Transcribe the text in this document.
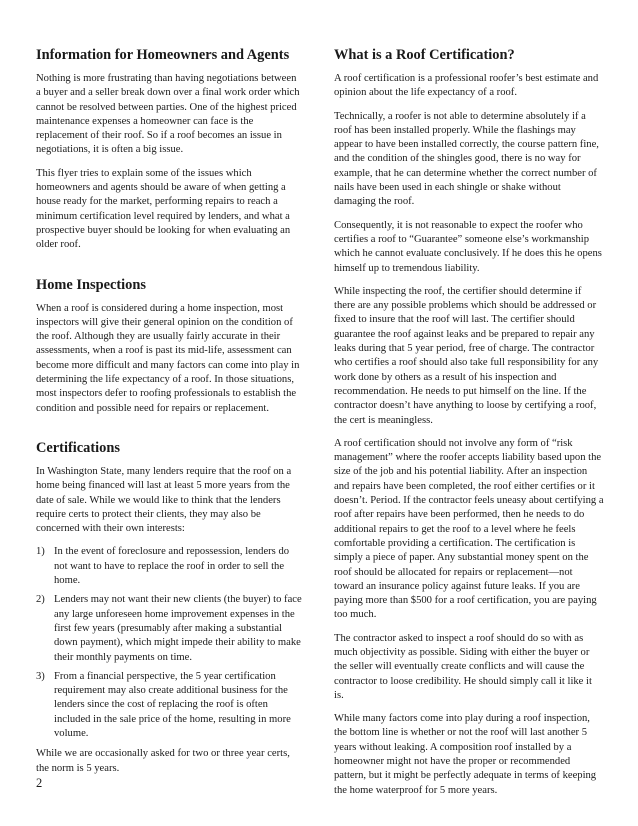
Information for Homeowners and Agents

Nothing is more frustrating than having negotiations between a buyer and a seller break down over a final work order which cannot be resolved between parties. One of the highest priced maintenance expenses a homeowner can face is the replacement of their roof. So if a roof becomes an issue in negotiations, it is often a big issue.

This flyer tries to explain some of the issues which homeowners and agents should be aware of when getting a house ready for the market, performing repairs to reach a minimum certification level required by lenders, and what a prospective buyer should be looking for when evaluating an older roof.

Home Inspections

When a roof is considered during a home inspection, most inspectors will give their general opinion on the condition of the roof. Although they are usually fairly accurate in their assessments, when a roof is past its mid-life, assessment can become more difficult and many factors can come into play in determining the life expectancy of a roof. In those situations, most inspectors defer to roofing professionals to establish the condition and possible need for repairs or replacement.

Certifications

In Washington State, many lenders require that the roof on a home being financed will last at least 5 more years from the date of sale. While we would like to think that the lenders require certs to protect their clients, they may also be concerned with their own interests:

1) In the event of foreclosure and repossession, lenders do not want to have to replace the roof in order to sell the home.
2) Lenders may not want their new clients (the buyer) to face any large unforeseen home improvement expenses in the first few years (presumably after making a substantial down payment), which might impede their ability to make their monthly payments on time.
3) From a financial perspective, the 5 year certification requirement may also create additional business for the lenders since the cost of replacing the roof is often included in the sale price of the home, resulting in more volume.

While we are occasionally asked for two or three year certs, the norm is 5 years.

What is a Roof Certification?

A roof certification is a professional roofer’s best estimate and opinion about the life expectancy of a roof.

Technically, a roofer is not able to determine absolutely if a roof has been installed properly. While the flashings may appear to have been installed correctly, the course pattern fine, and the condition of the shingles good, there is no way for example, that he can determine whether the correct number of nails have been used in each shingle or shake without damaging the roof.

Consequently, it is not reasonable to expect the roofer who certifies a roof to “Guarantee” someone else’s workmanship which he cannot evaluate conclusively. If he does this he opens himself up to tremendous liability.

While inspecting the roof, the certifier should determine if there are any possible problems which should be addressed or fixed to insure that the roof will last. The certifier should guarantee the roof against leaks and be prepared to repair any leaks during that 5 year period, free of charge. The contractor who certifies a roof should also take full responsibility for any work done by others as a result of his inspection and recommendation. He needs to put himself on the line. If the contractor doesn’t have anything to loose by certifying a roof, the cert is meaningless.

A roof certification should not involve any form of “risk management” where the roofer accepts liability based upon the size of the job and his potential liability. After an inspection and repairs have been completed, the roof either certifies or it doesn’t. Period. If the contractor feels uneasy about certifying a roof after repairs have been performed, then he needs to do additional repairs to get the roof to a level where he feels comfortable providing a certification. The certification is simply a piece of paper. Any substantial money spent on the roof should be allocated for repairs or replacement—not toward an insurance policy against future leaks. If you are paying more than $500 for a roof certification, you are paying too much.

The contractor asked to inspect a roof should do so with as much objectivity as possible. Siding with either the buyer or the seller will eventually create conflicts and will cause the contractor to loose credibility. He should simply call it like it is.

While many factors come into play during a roof inspection, the bottom line is whether or not the roof will last another 5 years without leaking. A composition roof installed by a homeowner might not have the proper or recommended pattern, but it might be perfectly adequate in terms of keeping the home waterproof for 5 more years.

2
